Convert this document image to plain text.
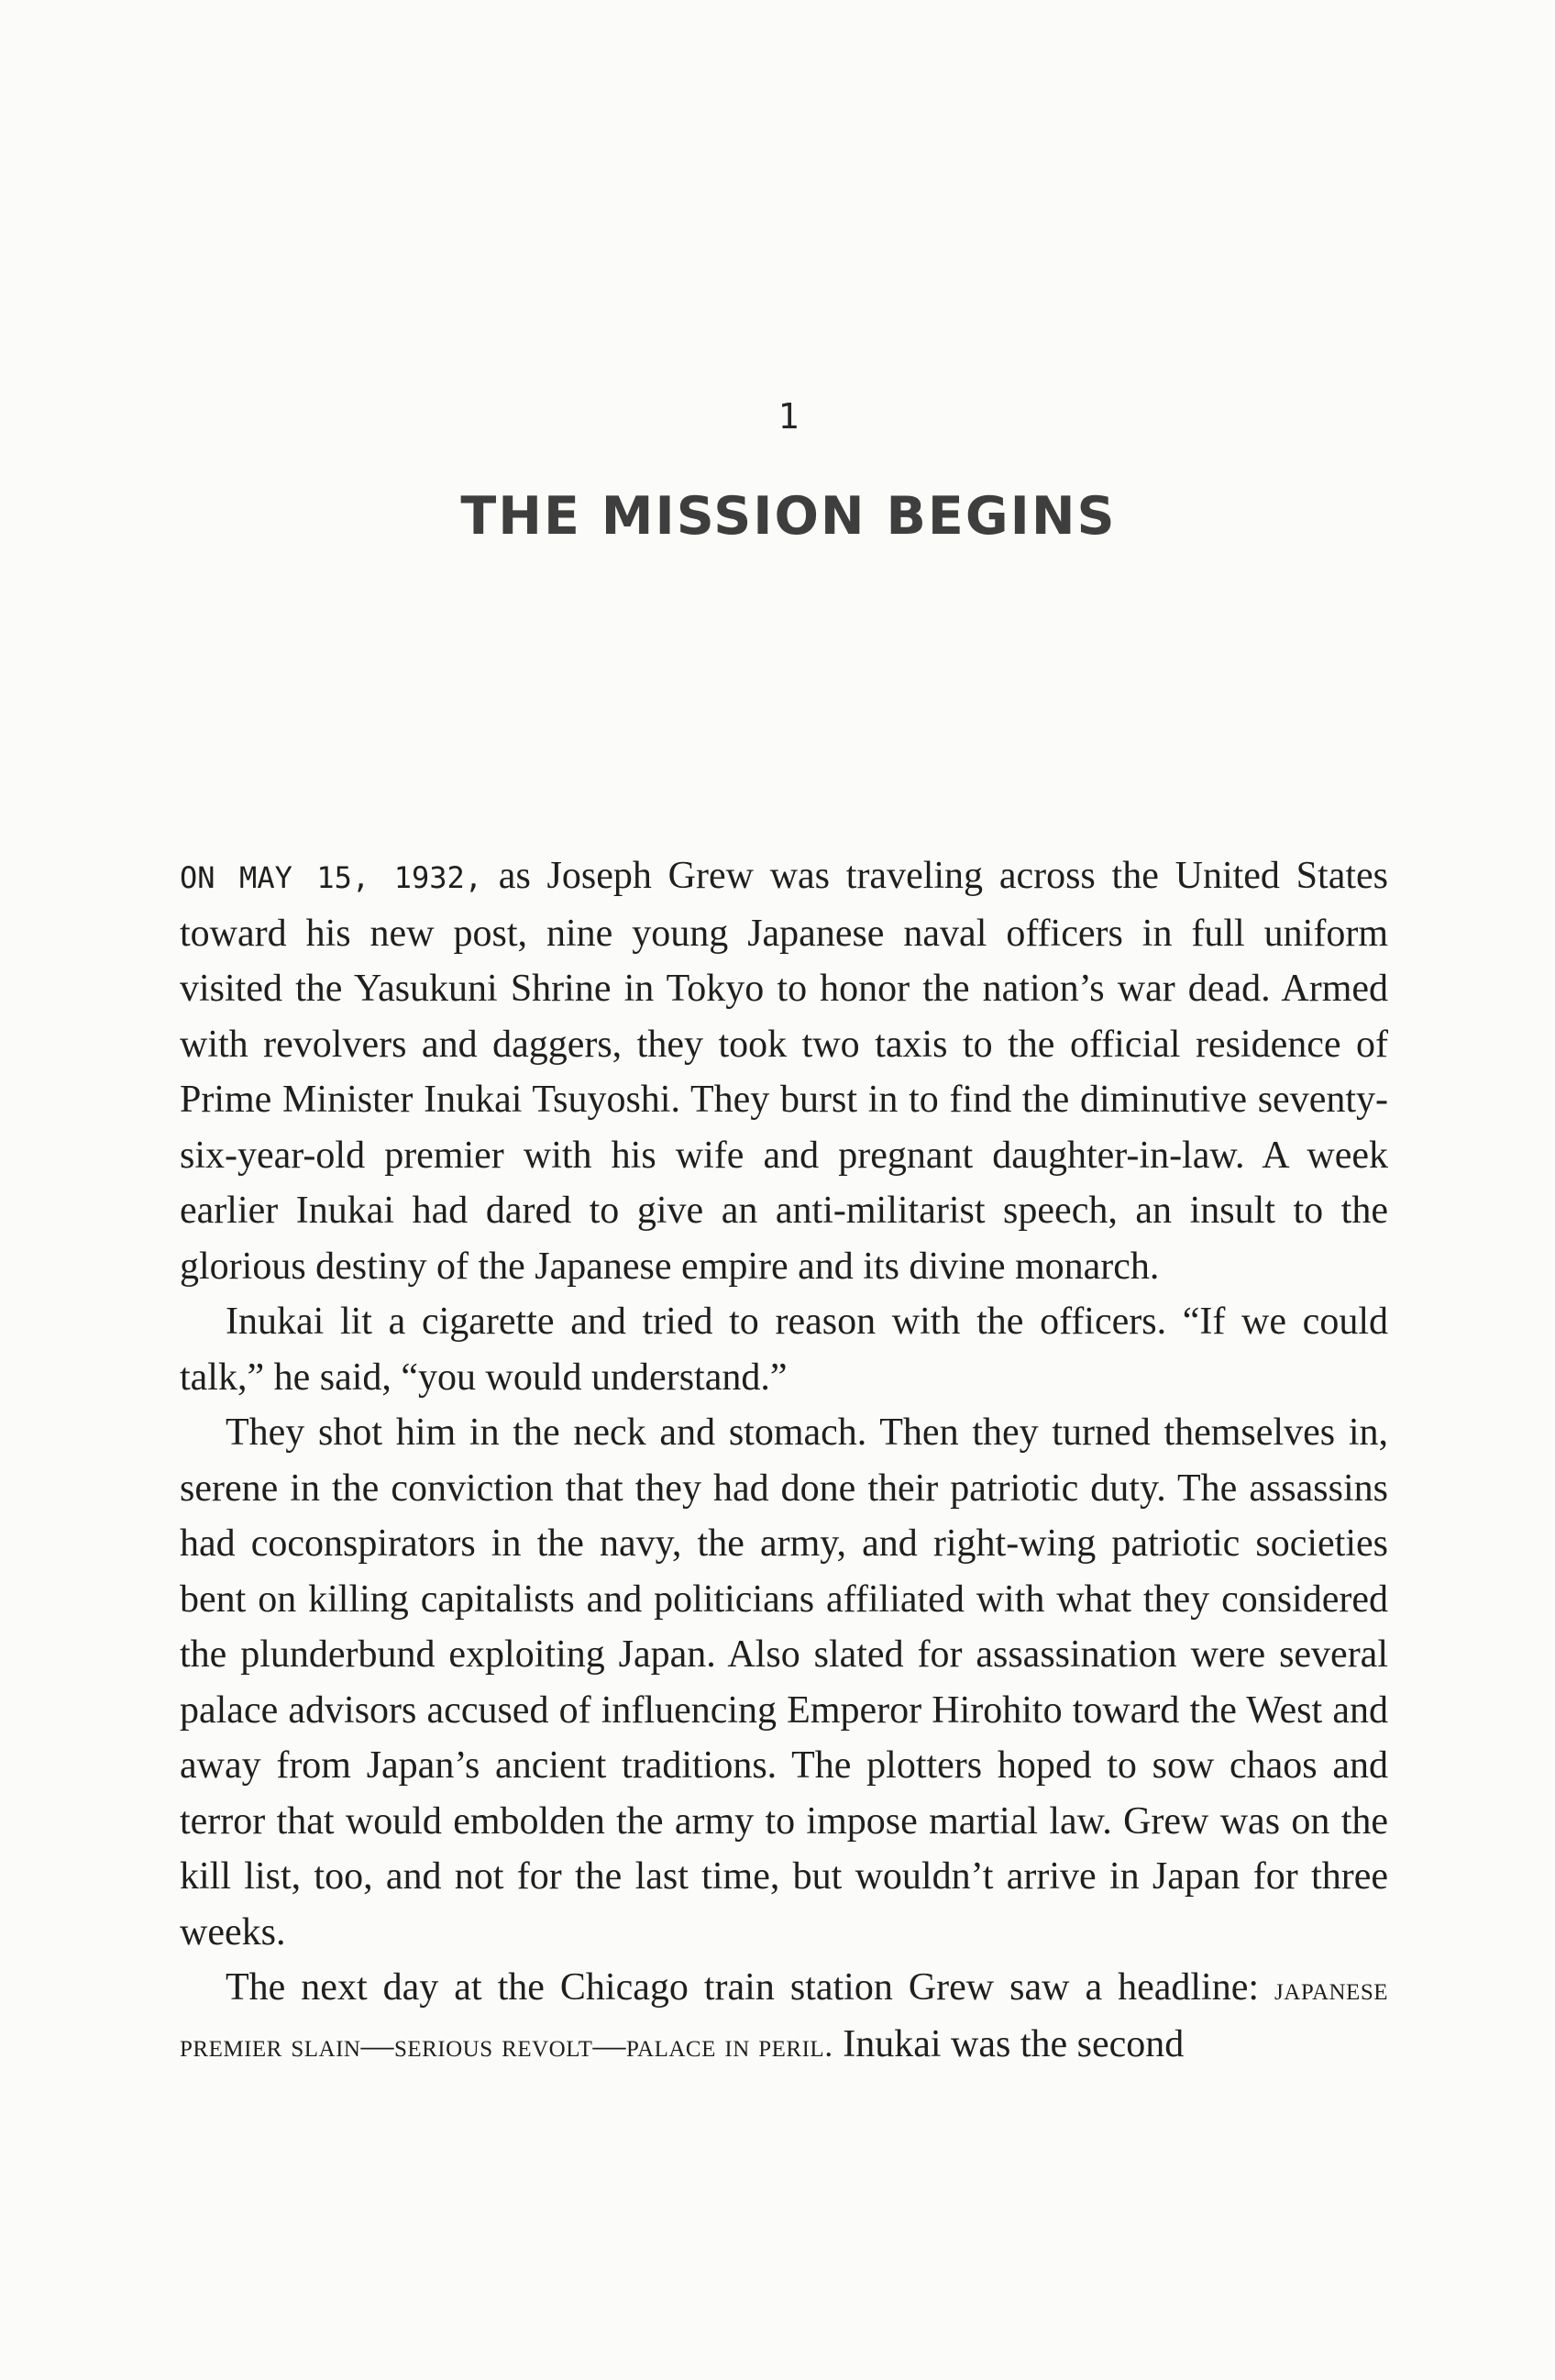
1
THE MISSION BEGINS

ON MAY 15, 1932, as Joseph Grew was traveling across the United States toward his new post, nine young Japanese naval officers in full uniform visited the Yasukuni Shrine in Tokyo to honor the nation’s war dead. Armed with revolvers and daggers, they took two taxis to the official residence of Prime Minister Inukai Tsuyoshi. They burst in to find the diminutive seventy-six-year-old premier with his wife and pregnant daughter-in-law. A week earlier Inukai had dared to give an anti-militarist speech, an insult to the glorious destiny of the Japanese empire and its divine monarch.

Inukai lit a cigarette and tried to reason with the officers. “If we could talk,” he said, “you would understand.”

They shot him in the neck and stomach. Then they turned themselves in, serene in the conviction that they had done their patriotic duty. The assassins had coconspirators in the navy, the army, and right-wing patriotic societies bent on killing capitalists and politicians affiliated with what they considered the plunderbund exploiting Japan. Also slated for assassination were several palace advisors accused of influencing Emperor Hirohito toward the West and away from Japan’s ancient traditions. The plotters hoped to sow chaos and terror that would embolden the army to impose martial law. Grew was on the kill list, too, and not for the last time, but wouldn’t arrive in Japan for three weeks.

The next day at the Chicago train station Grew saw a headline: japanese premier slain—serious revolt—palace in peril. Inukai was the second
